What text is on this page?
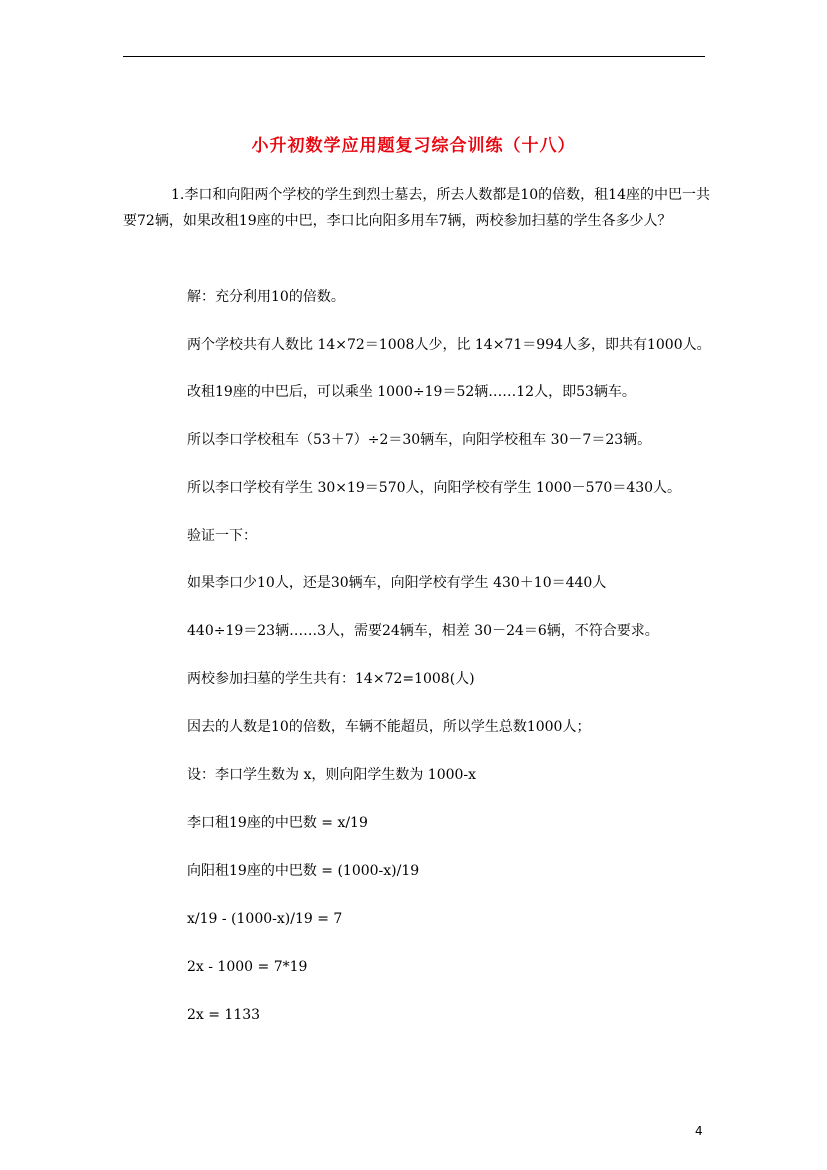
小升初数学应用题复习综合训练（十八）
1.李口和向阳两个学校的学生到烈士墓去，所去人数都是10的倍数，租14座的中巴一共要72辆，如果改租19座的中巴，李口比向阳多用车7辆，两校参加扫墓的学生各多少人？
解：充分利用10的倍数。
两个学校共有人数比 14×72＝1008人少，比 14×71＝994人多，即共有1000人。
改租19座的中巴后，可以乘坐 1000÷19＝52辆……12人，即53辆车。
所以李口学校租车（53＋7）÷2＝30辆车，向阳学校租车 30－7＝23辆。
所以李口学校有学生 30×19＝570人，向阳学校有学生 1000－570＝430人。
验证一下：
如果李口少10人，还是30辆车，向阳学校有学生 430＋10＝440人
440÷19＝23辆……3人，需要24辆车，相差 30－24＝6辆，不符合要求。
两校参加扫墓的学生共有：14×72=1008(人)
因去的人数是10的倍数，车辆不能超员，所以学生总数1000人；
设：李口学生数为 x，则向阳学生数为 1000-x
李口租19座的中巴数 = x/19
向阳租19座的中巴数 = (1000-x)/19
x/19 - (1000-x)/19 = 7
2x - 1000 = 7*19
2x = 1133
4
